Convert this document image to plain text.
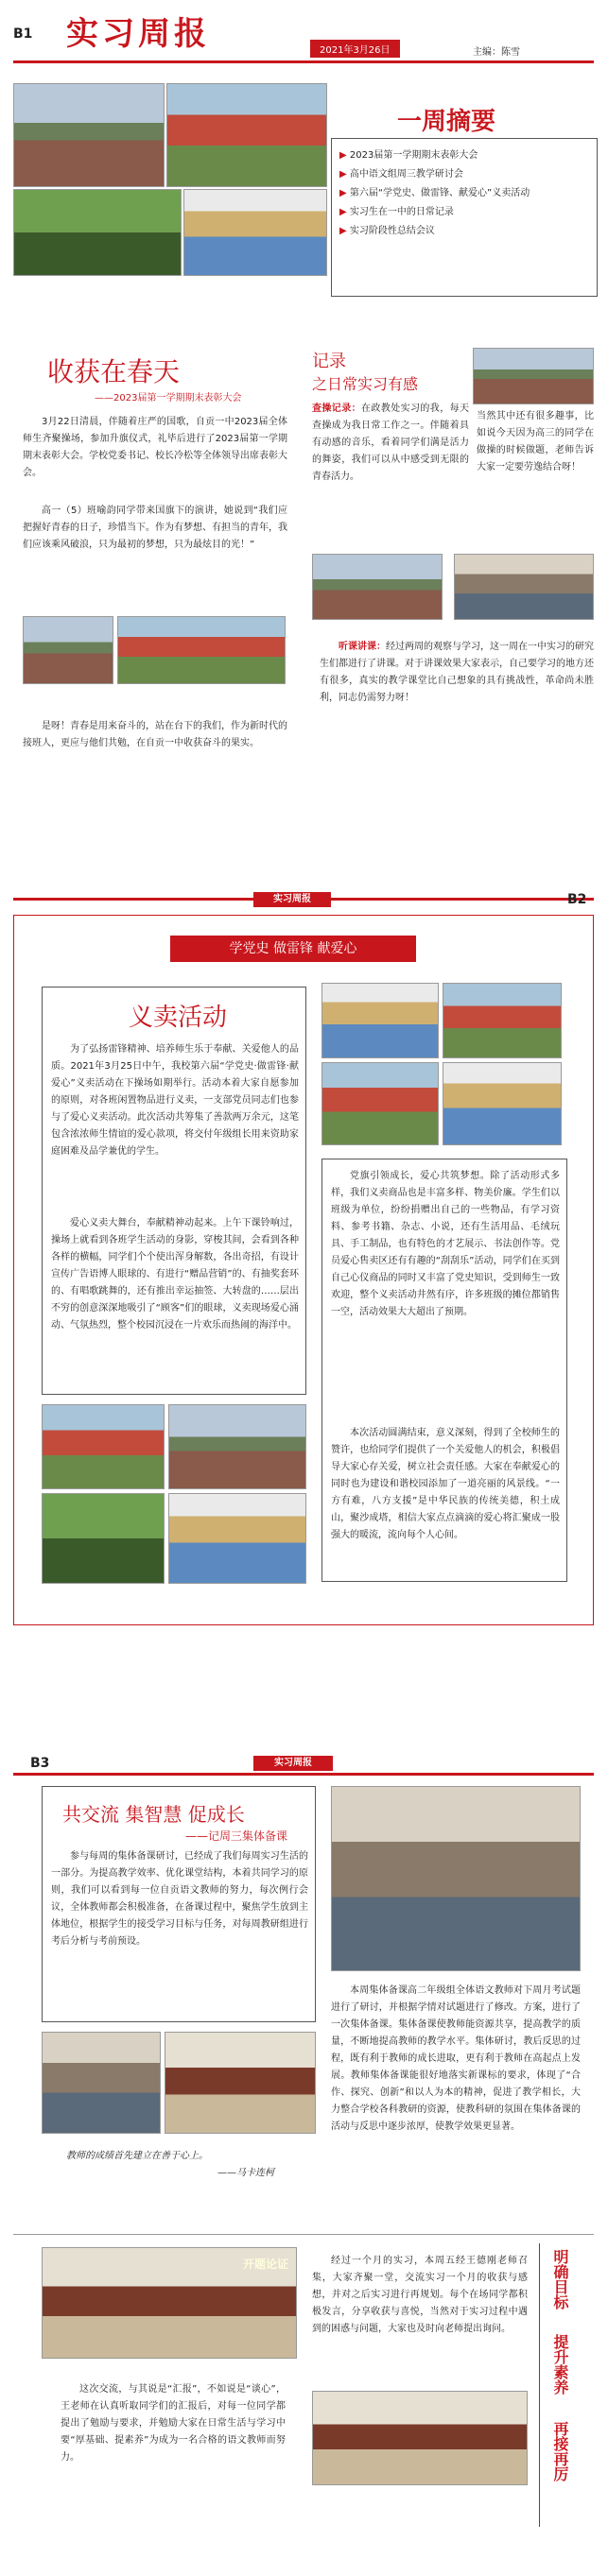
B1 实习周报	2021年3月26日	主编：陈雪
一周摘要
▶ 2023届第一学期期末表彰大会
▶ 高中语文组周三教学研讨会
▶ 第六届“学党史、做雷锋、献爱心”义卖活动
▶ 实习生在一中的日常记录
▶ 实习阶段性总结会议
收获在春天
——2023届第一学期期末表彰大会
3月22日清晨，伴随着庄严的国歌，自贡一中2023届全体师生齐聚操场，参加升旗仪式，礼毕后进行了2023届第一学期期末表彰大会。学校党委书记、校长冷松等全体领导出席表彰大会。
高一（5）班喻韵同学带来国旗下的演讲，她说到“我们应把握好青春的日子，珍惜当下。作为有梦想、有担当的青年，我们应该乘风破浪，只为最初的梦想，只为最炫目的光！”
是呀！青春是用来奋斗的，站在台下的我们，作为新时代的接班人，更应与他们共勉，在自贡一中收获奋斗的果实。
记录
之日常实习有感
查操记录：在政教处实习的我，每天查操成为我日常工作之一。伴随着具有动感的音乐，看着同学们满是活力的舞姿，我们可以从中感受到无限的青春活力。
当然其中还有很多趣事，比如说今天因为高三的同学在做操的时候做题，老师告诉大家一定要劳逸结合呀！
听课讲课：经过两周的观察与学习，这一周在一中实习的研究生们都进行了讲课。对于讲课效果大家表示，自己要学习的地方还有很多，真实的教学课堂比自己想象的具有挑战性，革命尚未胜利，同志仍需努力呀！
实习周报	B2
学党史 做雷锋 献爱心
义卖活动
为了弘扬雷锋精神、培养师生乐于奉献、关爱他人的品质。2021年3月25日中午，我校第六届“学党史·做雷锋·献爱心”义卖活动在下操场如期举行。活动本着大家自愿参加的原则，对各班闲置物品进行义卖，一支部党员同志们也参与了爱心义卖活动。此次活动共筹集了善款两万余元，这笔包含浓浓师生情谊的爱心款项，将交付年级组长用来资助家庭困难及品学兼优的学生。
爱心义卖大舞台，奉献精神动起来。上午下课铃响过，操场上就看到各班学生活动的身影，穿梭其间，会看到各种各样的横幅，同学们个个使出浑身解数，各出奇招，有设计宣传广告语博人眼球的、有进行“赠品营销”的、有抽奖套环的、有唱歌跳舞的，还有推出幸运抽签、大转盘的……层出不穷的创意深深地吸引了“顾客”们的眼球，义卖现场爱心涌动、气氛热烈，整个校园沉浸在一片欢乐而热闹的海洋中。
党旗引领成长，爱心共筑梦想。除了活动形式多样，我们义卖商品也是丰富多样、物美价廉。学生们以班级为单位，纷纷捐赠出自己的一些物品，有学习资料、参考书籍、杂志、小说，还有生活用品、毛绒玩具、手工制品，也有特色的才艺展示、书法创作等。党员爱心售卖区还有有趣的“刮刮乐”活动，同学们在买到自己心仪商品的同时又丰富了党史知识，受到师生一致欢迎，整个义卖活动井然有序，许多班级的摊位都销售一空，活动效果大大超出了预期。
本次活动圆满结束，意义深刻，得到了全校师生的赞许，也给同学们提供了一个关爱他人的机会，积极倡导大家心存关爱，树立社会责任感。大家在奉献爱心的同时也为建设和谐校园添加了一道亮丽的风景线。“一方有难，八方支援”是中华民族的传统美德，积土成山，聚沙成塔，相信大家点点滴滴的爱心将汇聚成一股强大的暖流，流向每个人心间。
B3	实习周报
共交流 集智慧 促成长
——记周三集体备课
参与每周的集体备课研讨，已经成了我们每周实习生活的一部分。为提高教学效率、优化课堂结构，本着共同学习的原则，我们可以看到每一位自贡语文教师的努力，每次例行会议，全体教师都会积极准备，在备课过程中，聚焦学生放到主体地位，根据学生的接受学习目标与任务，对每周教研组进行考后分析与考前预设。
本周集体备课高二年级组全体语文教师对下周月考试题进行了研讨，并根据学情对试题进行了修改。方案，进行了一次集体备课。集体备课使教师能资源共享，提高教学的质量，不断地提高教师的教学水平。集体研讨，教后反思的过程，既有利于教师的成长进取，更有利于教师在高起点上发展。教师集体备课能很好地落实新课标的要求，体现了“合作、探究、创新”和以人为本的精神，促进了教学相长，大力整合学校各科教研的资源，使教科研的氛围在集体备课的活动与反思中逐步浓厚，使教学效果更显著。
教师的成绩首先建立在善于心上。
——马卡连柯
开题论证	经过一个月的实习，本周五经王德刚老师召集，大家齐聚一堂，交流实习一个月的收获与感想，并对之后实习进行再规划。每个在场同学都积极发言，分享收获与喜悦，当然对于实习过程中遇到的困惑与问题，大家也及时向老师提出询问。
这次交流，与其说是“汇报”，不如说是“谈心”，王老师在认真听取同学们的汇报后，对每一位同学都提出了勉励与要求，并勉励大家在日常生活与学习中要“厚基础、提素养”为成为一名合格的语文教师而努力。
明确目标
提升素养
再接再厉
